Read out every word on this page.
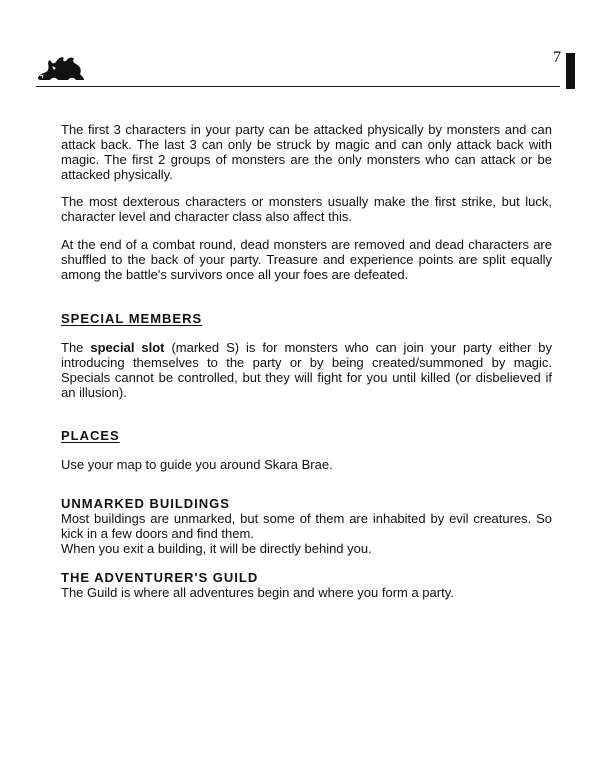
7

The first 3 characters in your party can be attacked physically by monsters and can attack back. The last 3 can only be struck by magic and can only attack back with magic. The first 2 groups of monsters are the only monsters who can attack or be attacked physically.

The most dexterous characters or monsters usually make the first strike, but luck, character level and character class also affect this.

At the end of a combat round, dead monsters are removed and dead characters are shuffled to the back of your party. Treasure and experience points are split equally among the battle's survivors once all your foes are defeated.

SPECIAL MEMBERS

The special slot (marked S) is for monsters who can join your party either by introducing themselves to the party or by being created/summoned by magic. Specials cannot be controlled, but they will fight for you until killed (or disbelieved if an illusion).

PLACES

Use your map to guide you around Skara Brae.

UNMARKED BUILDINGS

Most buildings are unmarked, but some of them are inhabited by evil creatures. So kick in a few doors and find them.

When you exit a building, it will be directly behind you.

THE ADVENTURER'S GUILD

The Guild is where all adventures begin and where you form a party.
